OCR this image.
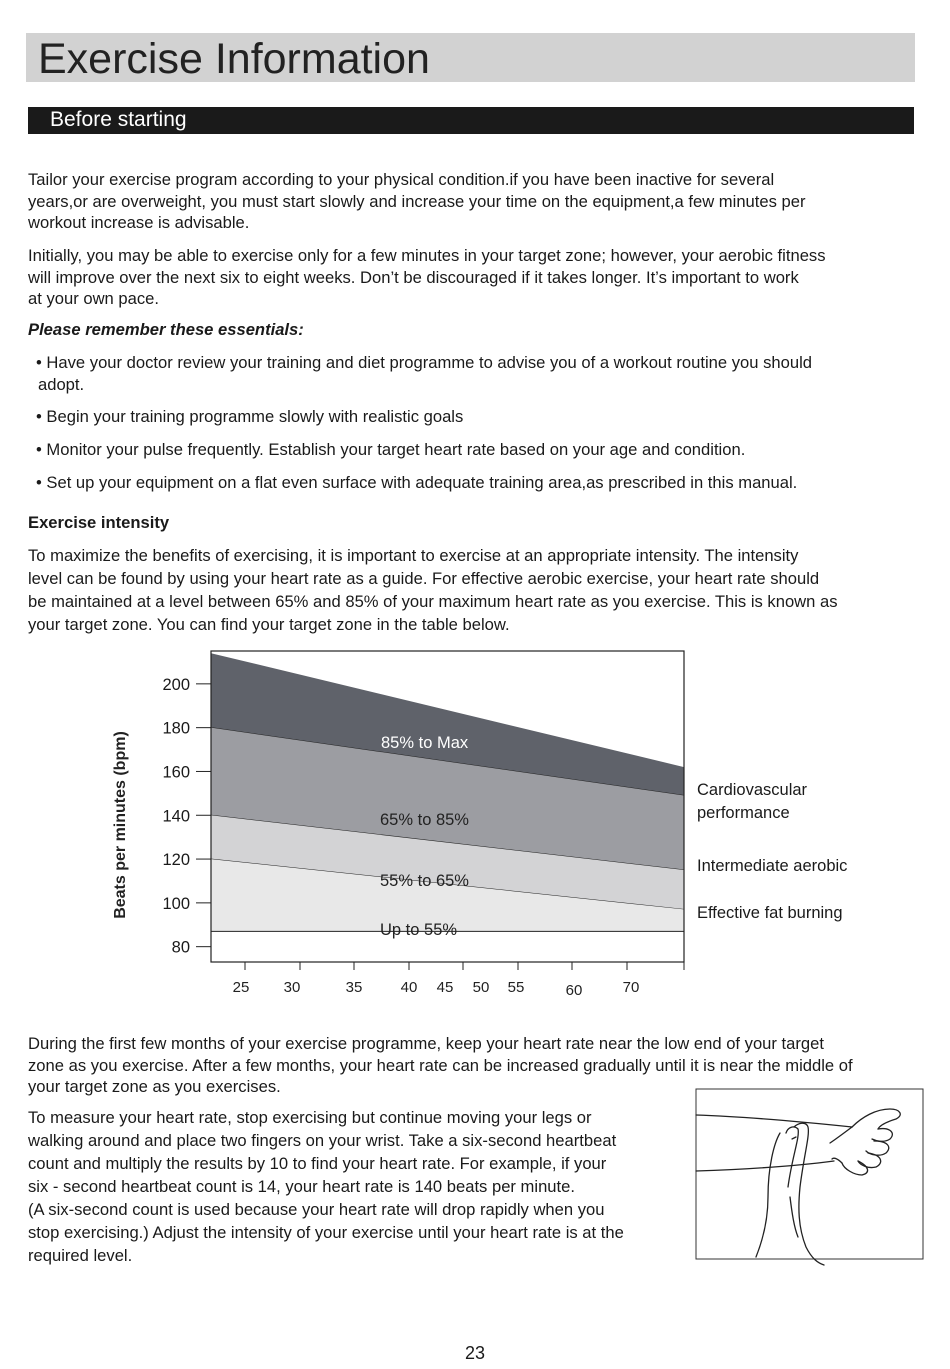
Exercise Information
Before starting
Tailor your exercise program according to your physical condition.if you have been inactive for several
years,or are overweight, you must start slowly and increase your time on the equipment,a few minutes per
workout increase is advisable.
Initially, you may be able to exercise only for a few minutes in your target zone; however, your aerobic fitness
will improve over the next six to eight weeks. Don’t be discouraged if it takes longer. It’s important to work
at your own pace.
Please remember these essentials:
• Have your doctor review your training and diet programme to advise you of a workout routine you should
adopt.
• Begin your training programme slowly with realistic goals
• Monitor your pulse frequently. Establish your target heart rate based on your age and condition.
• Set up your equipment on a flat even surface with adequate training area,as prescribed in this manual.
Exercise intensity
To maximize the benefits of exercising, it is important to exercise at an appropriate intensity. The intensity
level can be found by using your heart rate as a guide. For effective aerobic exercise, your heart rate should
be maintained at a level between 65% and 85% of your maximum heart rate as you exercise. This is known as
your target zone. You can find your target zone in the table below.
80
100
120
140
160
180
200
25 30	35	40 45 50 55	60	70
85% to Max
65% to 85%
55% to 65%
Up to 55%
Beats per minutes (bpm)	Cardiovascular
performance
Intermediate aerobic
Effective fat burning
During the first few months of your exercise programme, keep your heart rate near the low end of your target
zone as you exercise. After a few months, your heart rate can be increased gradually until it is near the middle of
your target zone as you exercises.
To measure your heart rate, stop exercising but continue moving your legs or
walking around and place two fingers on your wrist. Take a six-second heartbeat
count and multiply the results by 10 to find your heart rate. For example, if your
six - second heartbeat count is 14, your heart rate is 140 beats per minute.
(A six-second count is used because your heart rate will drop rapidly when you
stop exercising.) Adjust the intensity of your exercise until your heart rate is at the
required level.
23
